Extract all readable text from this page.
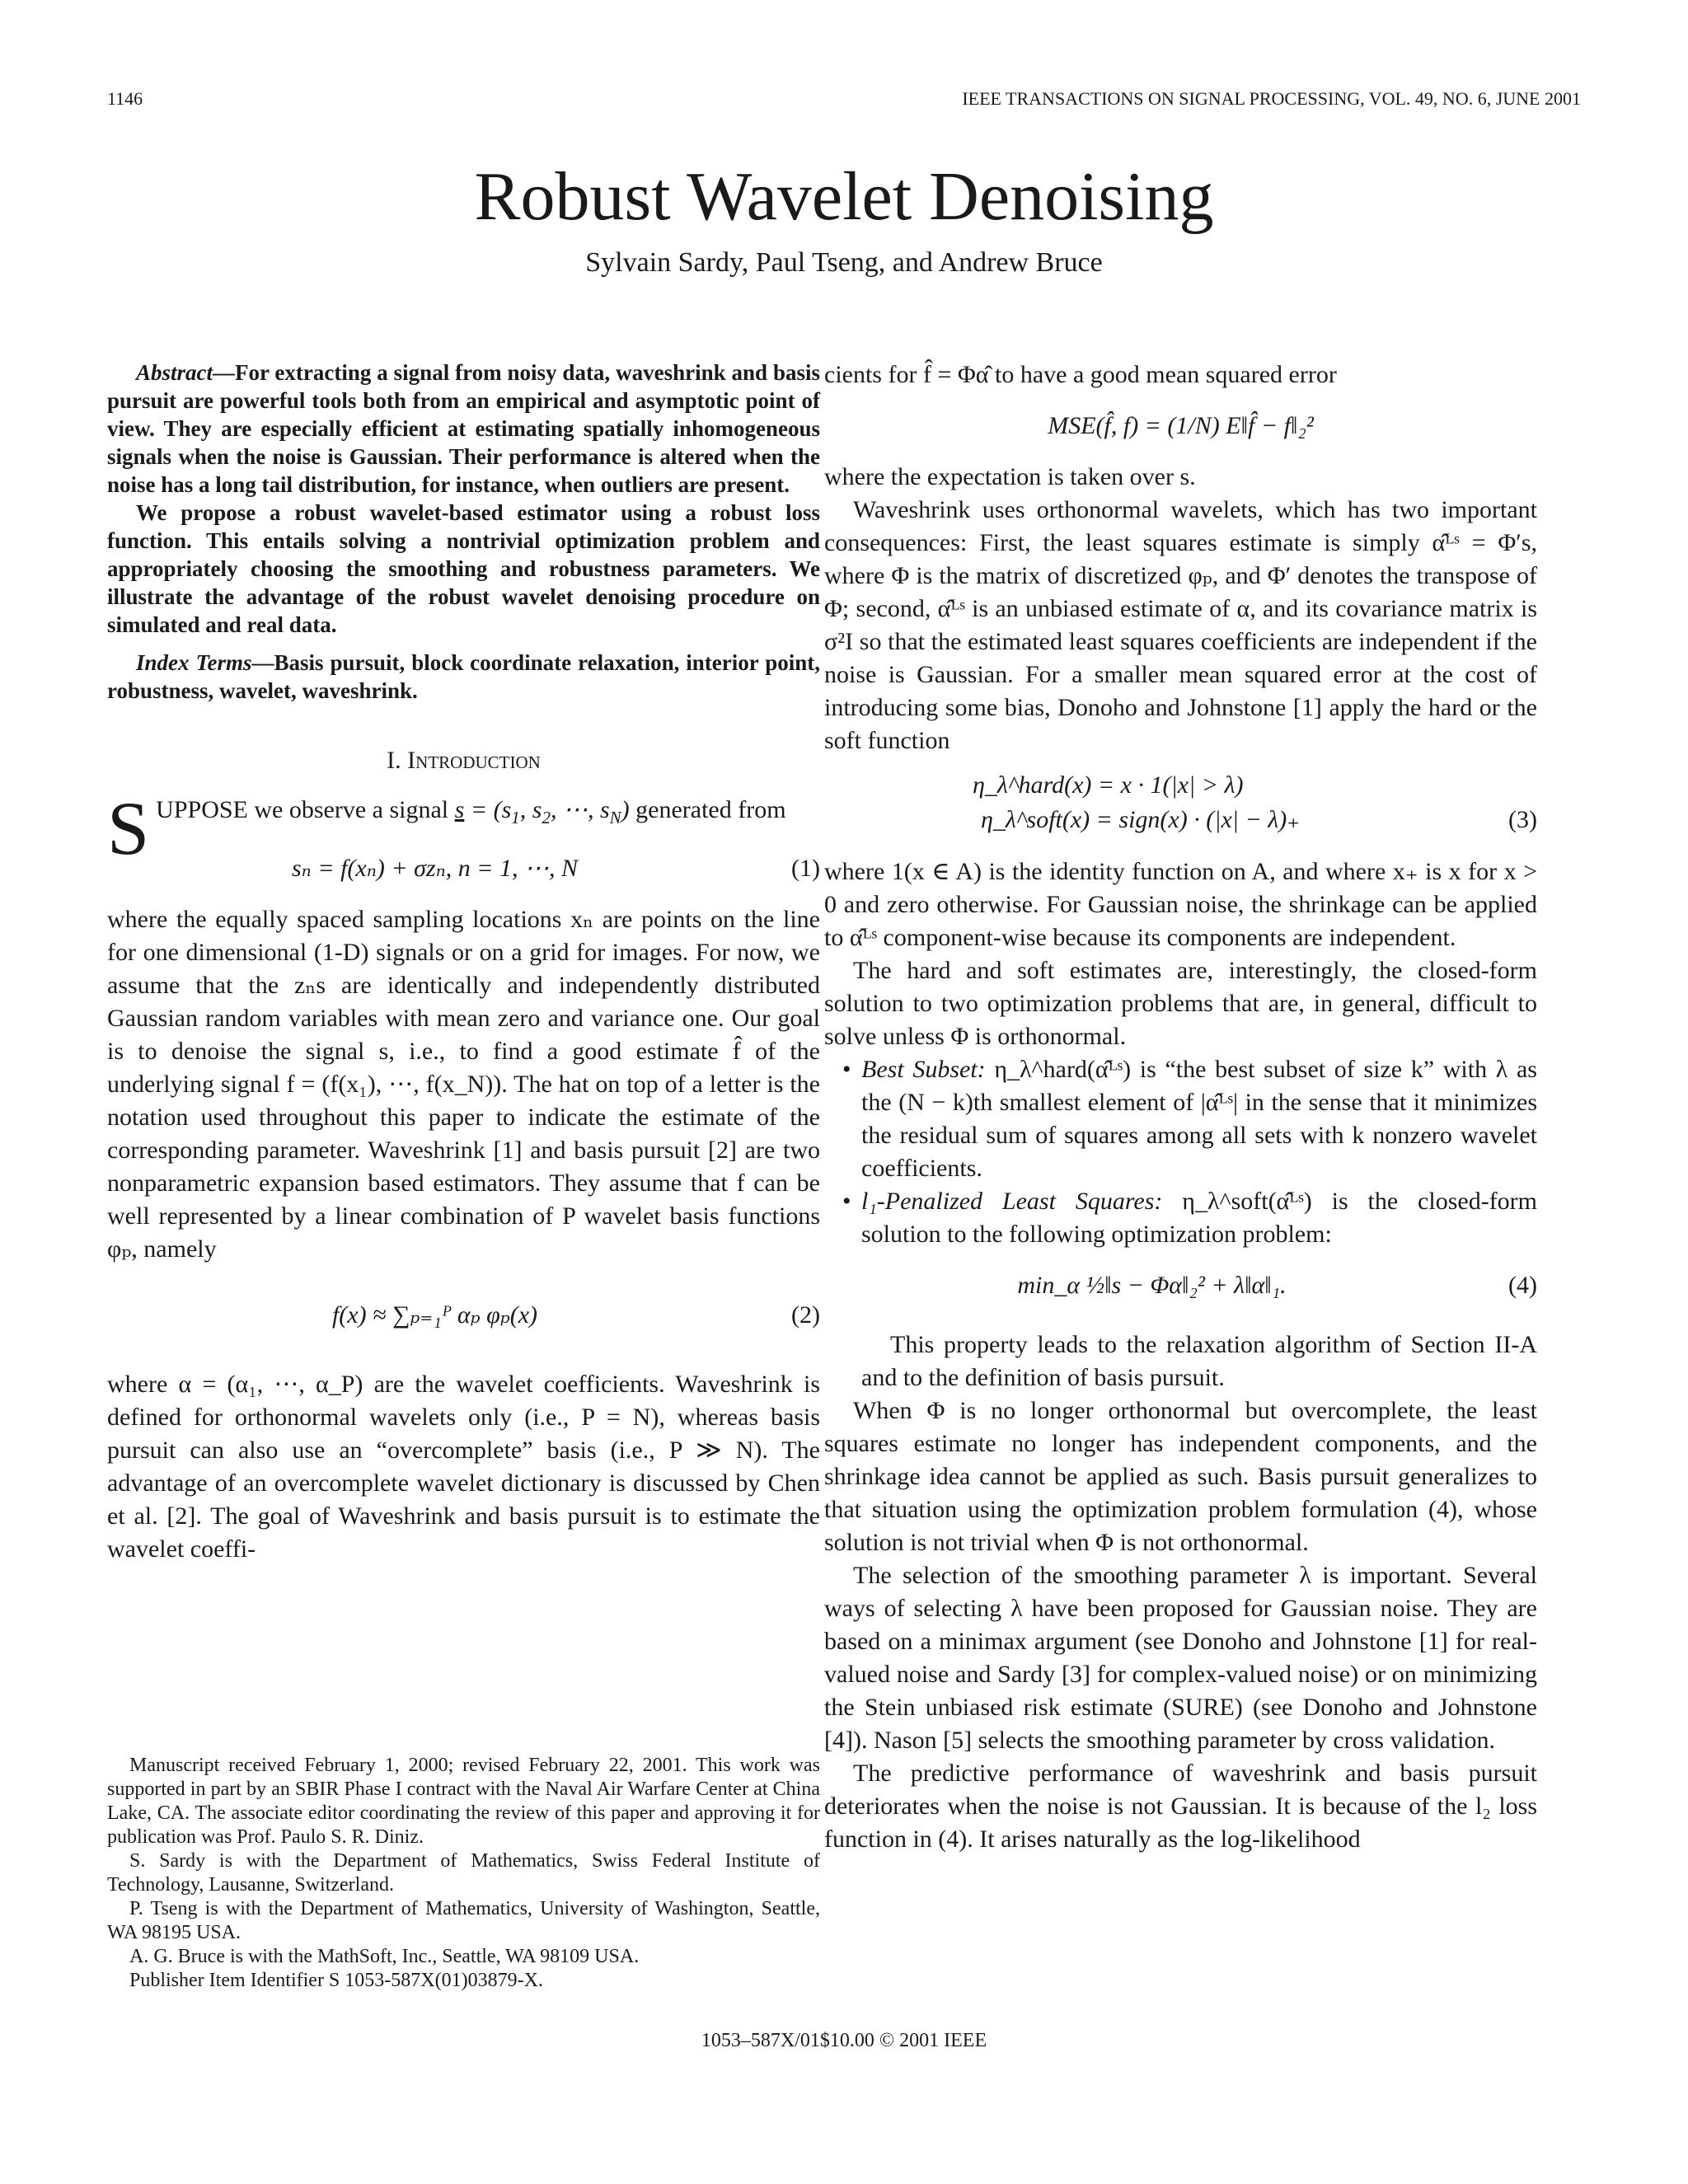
1146	IEEE TRANSACTIONS ON SIGNAL PROCESSING, VOL. 49, NO. 6, JUNE 2001
Robust Wavelet Denoising
Sylvain Sardy, Paul Tseng, and Andrew Bruce

Abstract—For extracting a signal from noisy data, waveshrink and basis pursuit are powerful tools both from an empirical and asymptotic point of view. They are especially efficient at estimating spatially inhomogeneous signals when the noise is Gaussian. Their performance is altered when the noise has a long tail distribution, for instance, when outliers are present.

We propose a robust wavelet-based estimator using a robust loss function. This entails solving a nontrivial optimization problem and appropriately choosing the smoothing and robustness parameters. We illustrate the advantage of the robust wavelet denoising procedure on simulated and real data.

Index Terms—Basis pursuit, block coordinate relaxation, interior point, robustness, wavelet, waveshrink.

I. Introduction

SUPPOSE we observe a signal $s = (s_1$, $s_2$, ⋯, $s_N$) generated from

sₙ = f(xₙ) + σzₙ, n = 1, ⋯, N	(1)

where the equally spaced sampling locations xₙ are points on the line for one dimensional (1-D) signals or on a grid for images. For now, we assume that the zₙs are identically and independently distributed Gaussian random variables with mean zero and variance one. Our goal is to denoise the signal s, i.e., to find a good estimate f̂ of the underlying signal f = (f(x₁), ⋯, f(x_N)). The hat on top of a letter is the notation used throughout this paper to indicate the estimate of the corresponding parameter. Waveshrink [1] and basis pursuit [2] are two nonparametric expansion based estimators. They assume that f can be well represented by a linear combination of P wavelet basis functions φₚ, namely

f(x) ≈ ∑ₚ₌₁ᴾ αₚ φₚ(x)	(2)

where α = (α₁, ⋯, α_P) are the wavelet coefficients. Waveshrink is defined for orthonormal wavelets only (i.e., P = N), whereas basis pursuit can also use an “overcomplete” basis (i.e., P ≫ N). The advantage of an overcomplete wavelet dictionary is discussed by Chen et al. [2]. The goal of Waveshrink and basis pursuit is to estimate the wavelet coeffi-

Manuscript received February 1, 2000; revised February 22, 2001. This work was supported in part by an SBIR Phase I contract with the Naval Air Warfare Center at China Lake, CA. The associate editor coordinating the review of this paper and approving it for publication was Prof. Paulo S. R. Diniz.

S. Sardy is with the Department of Mathematics, Swiss Federal Institute of Technology, Lausanne, Switzerland.

P. Tseng is with the Department of Mathematics, University of Washington, Seattle, WA 98195 USA.

A. G. Bruce is with the MathSoft, Inc., Seattle, WA 98109 USA.

Publisher Item Identifier S 1053-587X(01)03879-X.

cients for f̂ = Φα̂ to have a good mean squared error

MSE(f̂, f) = (1/N) E‖f̂ − f‖₂²

where the expectation is taken over s.

Waveshrink uses orthonormal wavelets, which has two important consequences: First, the least squares estimate is simply α̂ᴸˢ = Φ′s, where Φ is the matrix of discretized φₚ, and Φ′ denotes the transpose of Φ; second, α̂ᴸˢ is an unbiased estimate of α, and its covariance matrix is σ²I so that the estimated least squares coefficients are independent if the noise is Gaussian. For a smaller mean squared error at the cost of introducing some bias, Donoho and Johnstone [1] apply the hard or the soft function

η_λ^hard(x) = x · 1(|x| > λ)
η_λ^soft(x) = sign(x) · (|x| − λ)₊	(3)

where 1(x ∈ A) is the identity function on A, and where x₊ is x for x > 0 and zero otherwise. For Gaussian noise, the shrinkage can be applied to α̂ᴸˢ component-wise because its components are independent.

The hard and soft estimates are, interestingly, the closed-form solution to two optimization problems that are, in general, difficult to solve unless Φ is orthonormal.

• Best Subset: η_λ^hard(α̂ᴸˢ) is “the best subset of size k” with λ as the (N − k)th smallest element of |α̂ᴸˢ| in the sense that it minimizes the residual sum of squares among all sets with k nonzero wavelet coefficients.
• l₁-Penalized Least Squares: η_λ^soft(α̂ᴸˢ) is the closed-form solution to the following optimization problem:
min_α ½‖s − Φα‖₂² + λ‖α‖₁.	(4)

This property leads to the relaxation algorithm of Section II-A and to the definition of basis pursuit.

When Φ is no longer orthonormal but overcomplete, the least squares estimate no longer has independent components, and the shrinkage idea cannot be applied as such. Basis pursuit generalizes to that situation using the optimization problem formulation (4), whose solution is not trivial when Φ is not orthonormal.

The selection of the smoothing parameter λ is important. Several ways of selecting λ have been proposed for Gaussian noise. They are based on a minimax argument (see Donoho and Johnstone [1] for real-valued noise and Sardy [3] for complex-valued noise) or on minimizing the Stein unbiased risk estimate (SURE) (see Donoho and Johnstone [4]). Nason [5] selects the smoothing parameter by cross validation.

The predictive performance of waveshrink and basis pursuit deteriorates when the noise is not Gaussian. It is because of the l₂ loss function in (4). It arises naturally as the log-likelihood

1053–587X/01$10.00 © 2001 IEEE
